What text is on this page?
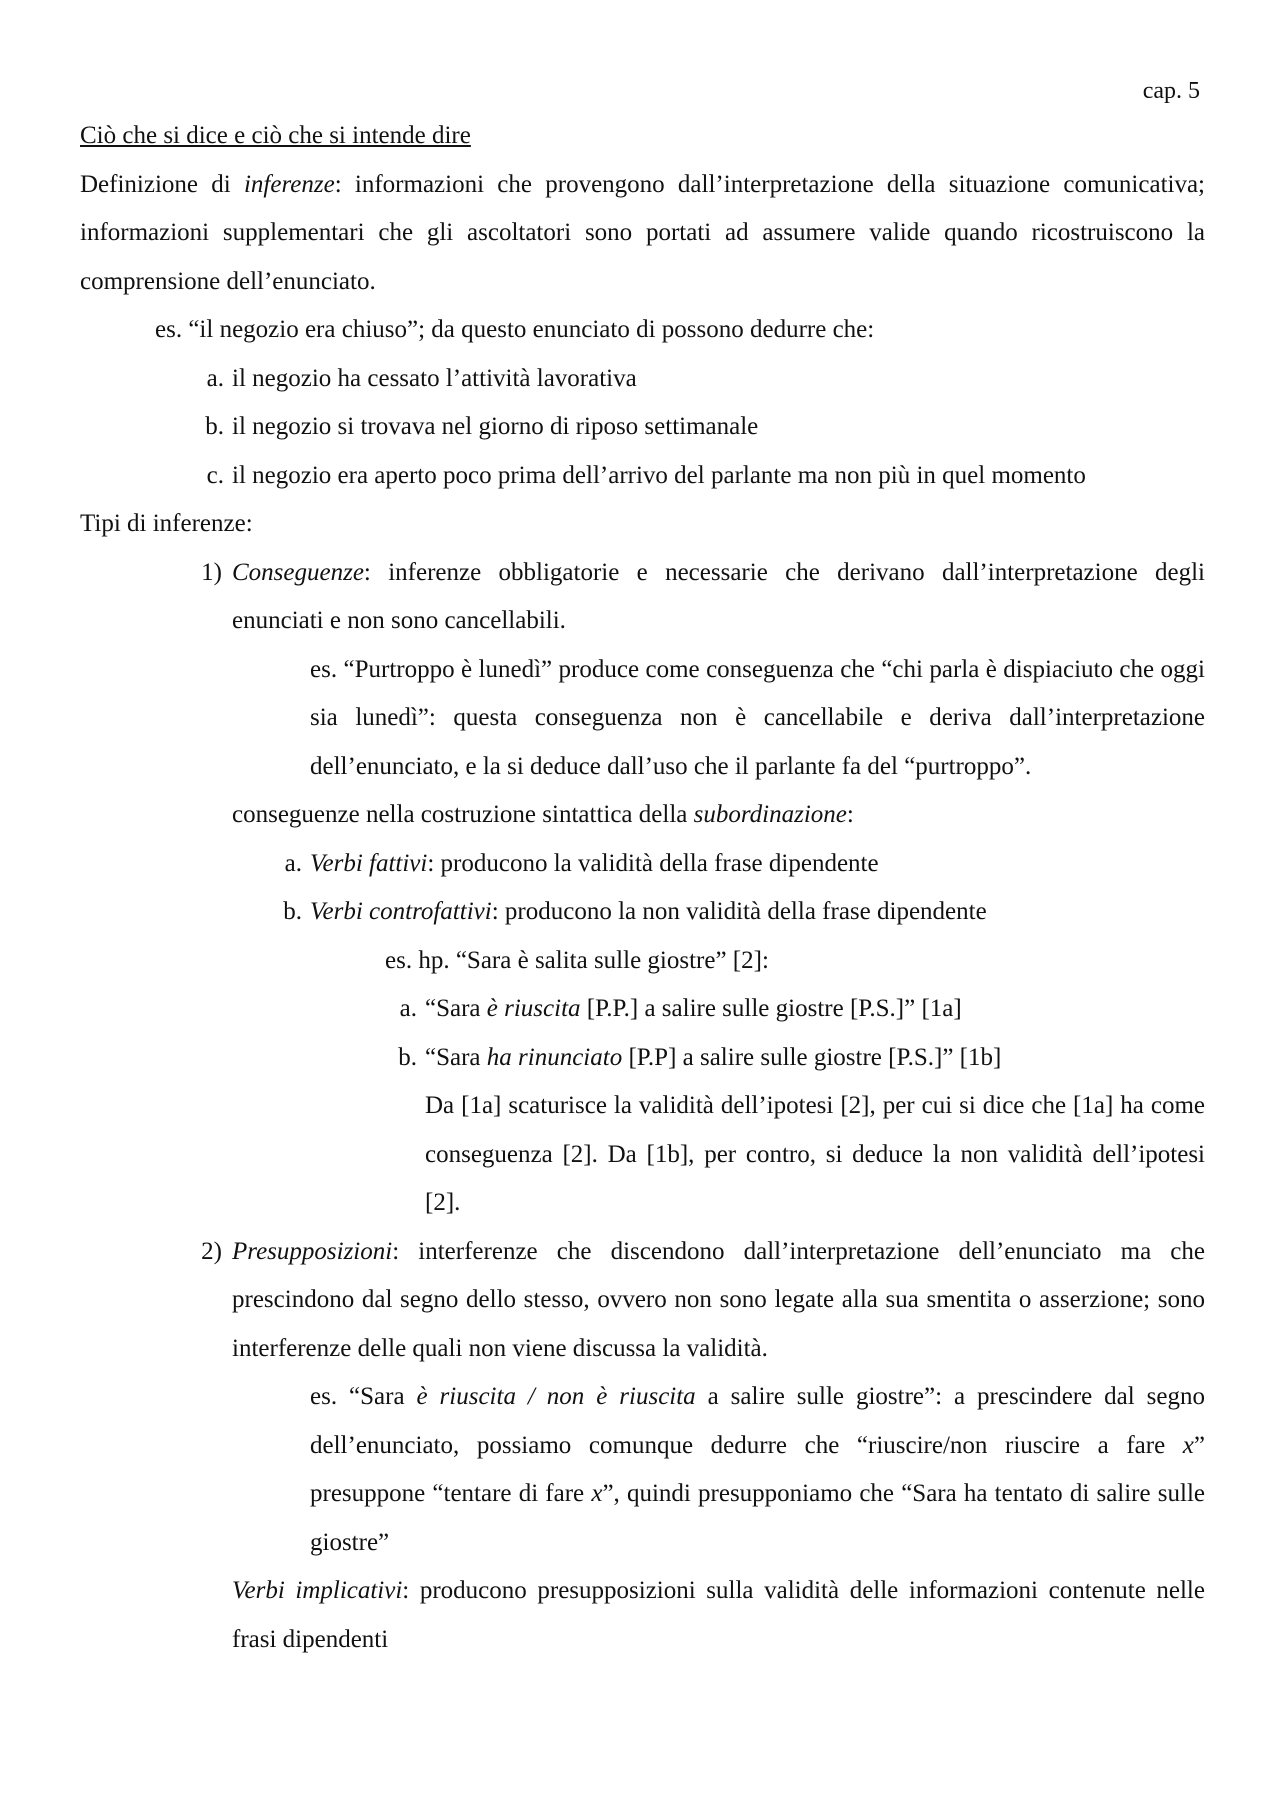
cap. 5

Ciò che si dice e ciò che si intende dire

Definizione di inferenze: informazioni che provengono dall’interpretazione della situazione comunicativa; informazioni supplementari che gli ascoltatori sono portati ad assumere valide quando ricostruiscono la comprensione dell’enunciato.

es. “il negozio era chiuso”; da questo enunciato di possono dedurre che:

a. il negozio ha cessato l’attività lavorativa

b. il negozio si trovava nel giorno di riposo settimanale

c. il negozio era aperto poco prima dell’arrivo del parlante ma non più in quel momento

Tipi di inferenze:

1) Conseguenze: inferenze obbligatorie e necessarie che derivano dall’interpretazione degli enunciati e non sono cancellabili.

es. “Purtroppo è lunedì” produce come conseguenza che “chi parla è dispiaciuto che oggi sia lunedì”: questa conseguenza non è cancellabile e deriva dall’interpretazione dell’enunciato, e la si deduce dall’uso che il parlante fa del “purtroppo”.

conseguenze nella costruzione sintattica della subordinazione:

a. Verbi fattivi: producono la validità della frase dipendente

b. Verbi controfattivi: producono la non validità della frase dipendente

es. hp. “Sara è salita sulle giostre” [2]:

a. “Sara è riuscita [P.P.] a salire sulle giostre [P.S.]” [1a]

b. “Sara ha rinunciato [P.P] a salire sulle giostre [P.S.]” [1b]

Da [1a] scaturisce la validità dell’ipotesi [2], per cui si dice che [1a] ha come conseguenza [2]. Da [1b], per contro, si deduce la non validità dell’ipotesi [2].

2) Presupposizioni: interferenze che discendono dall’interpretazione dell’enunciato ma che prescindono dal segno dello stesso, ovvero non sono legate alla sua smentita o asserzione; sono interferenze delle quali non viene discussa la validità.

es. “Sara è riuscita / non è riuscita a salire sulle giostre”: a prescindere dal segno dell’enunciato, possiamo comunque dedurre che “riuscire/non riuscire a fare x” presuppone “tentare di fare x”, quindi presupponiamo che “Sara ha tentato di salire sulle giostre”

Verbi implicativi: producono presupposizioni sulla validità delle informazioni contenute nelle frasi dipendenti
